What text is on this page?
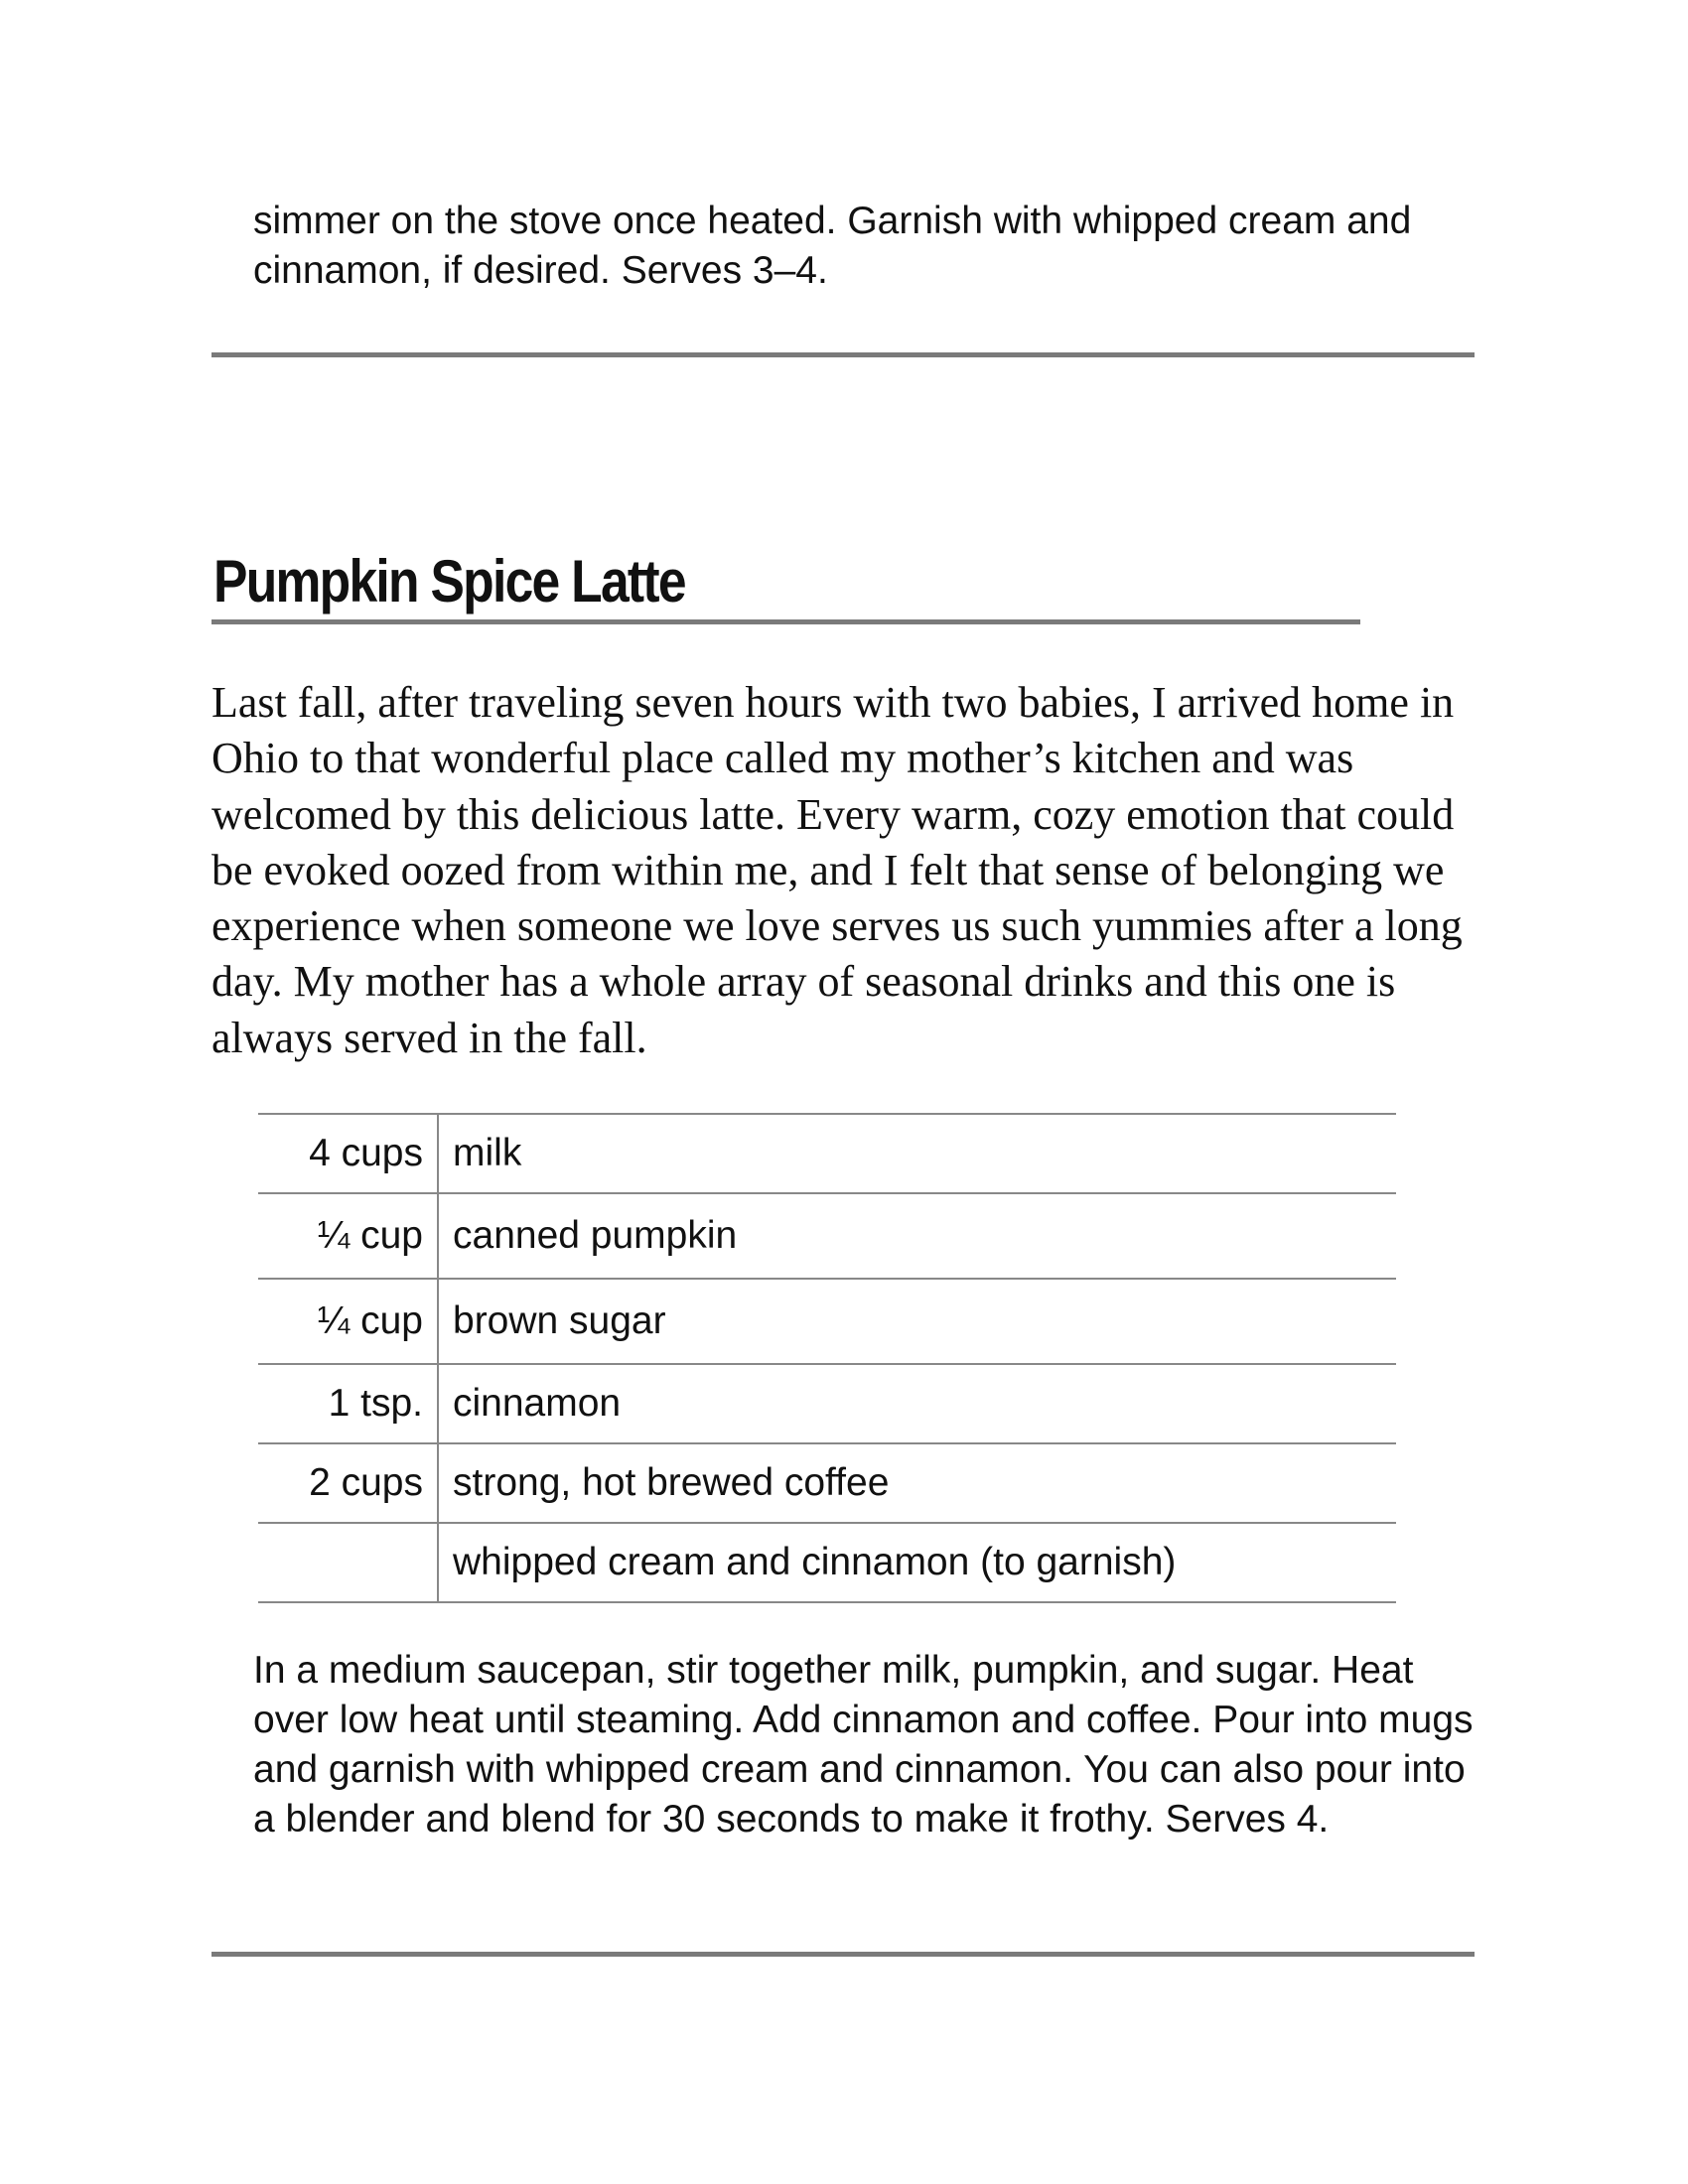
simmer on the stove once heated. Garnish with whipped cream and cinnamon, if desired. Serves 3–4.

Pumpkin Spice Latte

Last fall, after traveling seven hours with two babies, I arrived home in Ohio to that wonderful place called my mother’s kitchen and was welcomed by this delicious latte. Every warm, cozy emotion that could be evoked oozed from within me, and I felt that sense of belonging we experience when someone we love serves us such yummies after a long day. My mother has a whole array of seasonal drinks and this one is always served in the fall.

4 cups	milk
¼ cup	canned pumpkin
¼ cup	brown sugar
1 tsp.	cinnamon
2 cups	strong, hot brewed coffee
	whipped cream and cinnamon (to garnish)

In a medium saucepan, stir together milk, pumpkin, and sugar. Heat over low heat until steaming. Add cinnamon and coffee. Pour into mugs and garnish with whipped cream and cinnamon. You can also pour into a blender and blend for 30 seconds to make it frothy. Serves 4.
